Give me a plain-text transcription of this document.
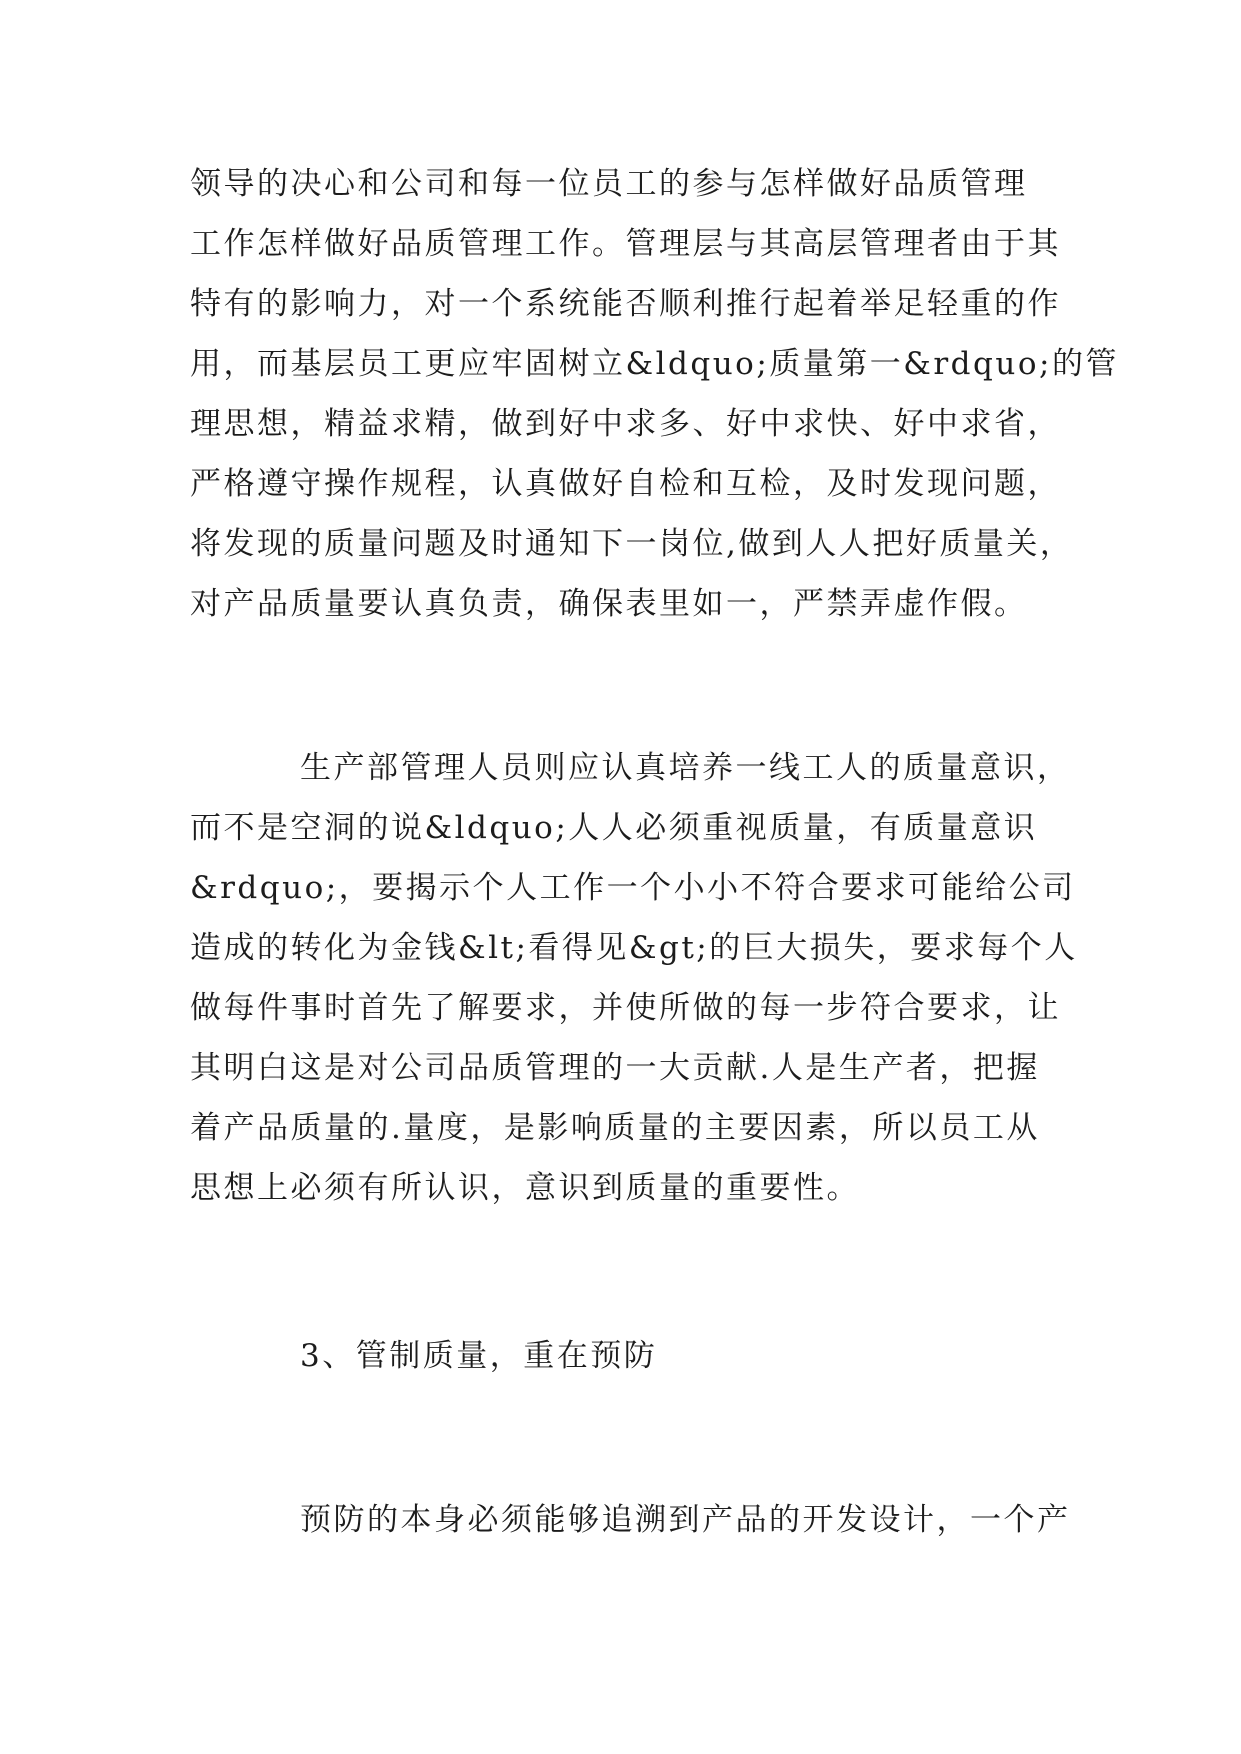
领导的决心和公司和每一位员工的参与怎样做好品质管理
工作怎样做好品质管理工作。管理层与其高层管理者由于其
特有的影响力，对一个系统能否顺利推行起着举足轻重的作
用，而基层员工更应牢固树立&ldquo;质量第一&rdquo;的管
理思想，精益求精，做到好中求多、好中求快、好中求省，
严格遵守操作规程，认真做好自检和互检，及时发现问题，
将发现的质量问题及时通知下一岗位,做到人人把好质量关，
对产品质量要认真负责，确保表里如一，严禁弄虚作假。
生产部管理人员则应认真培养一线工人的质量意识，
而不是空洞的说&ldquo;人人必须重视质量，有质量意识
&rdquo;，要揭示个人工作一个小小不符合要求可能给公司
造成的转化为金钱&lt;看得见&gt;的巨大损失，要求每个人
做每件事时首先了解要求，并使所做的每一步符合要求，让
其明白这是对公司品质管理的一大贡献.人是生产者，把握
着产品质量的.量度，是影响质量的主要因素，所以员工从
思想上必须有所认识，意识到质量的重要性。
3、管制质量，重在预防
预防的本身必须能够追溯到产品的开发设计，一个产
